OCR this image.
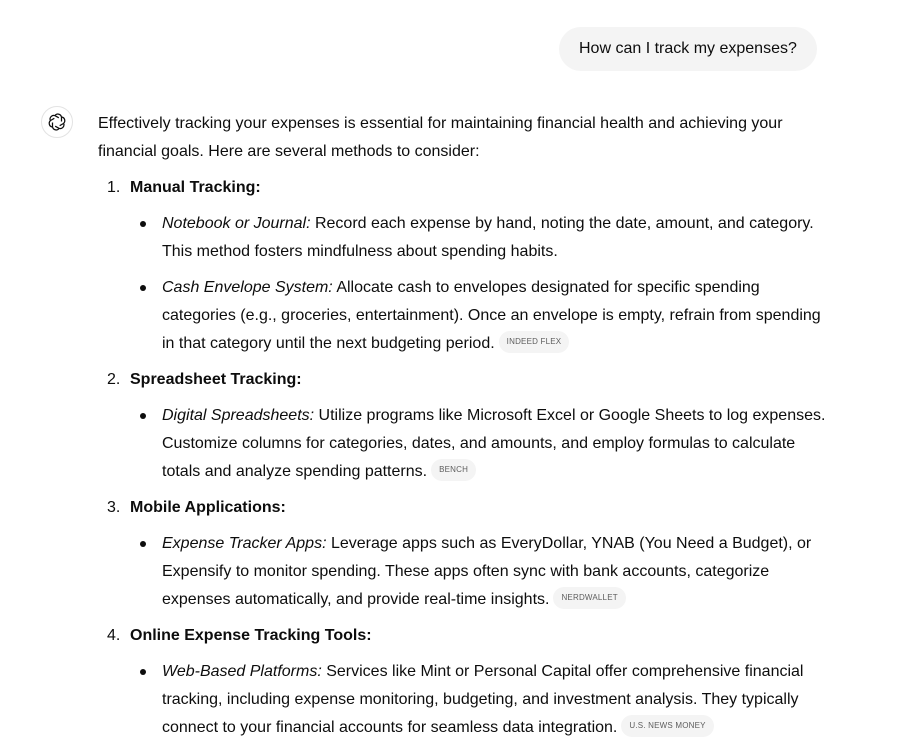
How can I track my expenses?

Effectively tracking your expenses is essential for maintaining financial health and achieving your financial goals. Here are several methods to consider:

1. Manual Tracking:
Notebook or Journal: Record each expense by hand, noting the date, amount, and category. This method fosters mindfulness about spending habits.
Cash Envelope System: Allocate cash to envelopes designated for specific spending categories (e.g., groceries, entertainment). Once an envelope is empty, refrain from spending in that category until the next budgeting period. INDEED FLEX
2. Spreadsheet Tracking:
Digital Spreadsheets: Utilize programs like Microsoft Excel or Google Sheets to log expenses. Customize columns for categories, dates, and amounts, and employ formulas to calculate totals and analyze spending patterns. BENCH
3. Mobile Applications:
Expense Tracker Apps: Leverage apps such as EveryDollar, YNAB (You Need a Budget), or Expensify to monitor spending. These apps often sync with bank accounts, categorize expenses automatically, and provide real-time insights. NERDWALLET
4. Online Expense Tracking Tools:
Web-Based Platforms: Services like Mint or Personal Capital offer comprehensive financial tracking, including expense monitoring, budgeting, and investment analysis. They typically connect to your financial accounts for seamless data integration. U.S. NEWS MONEY
